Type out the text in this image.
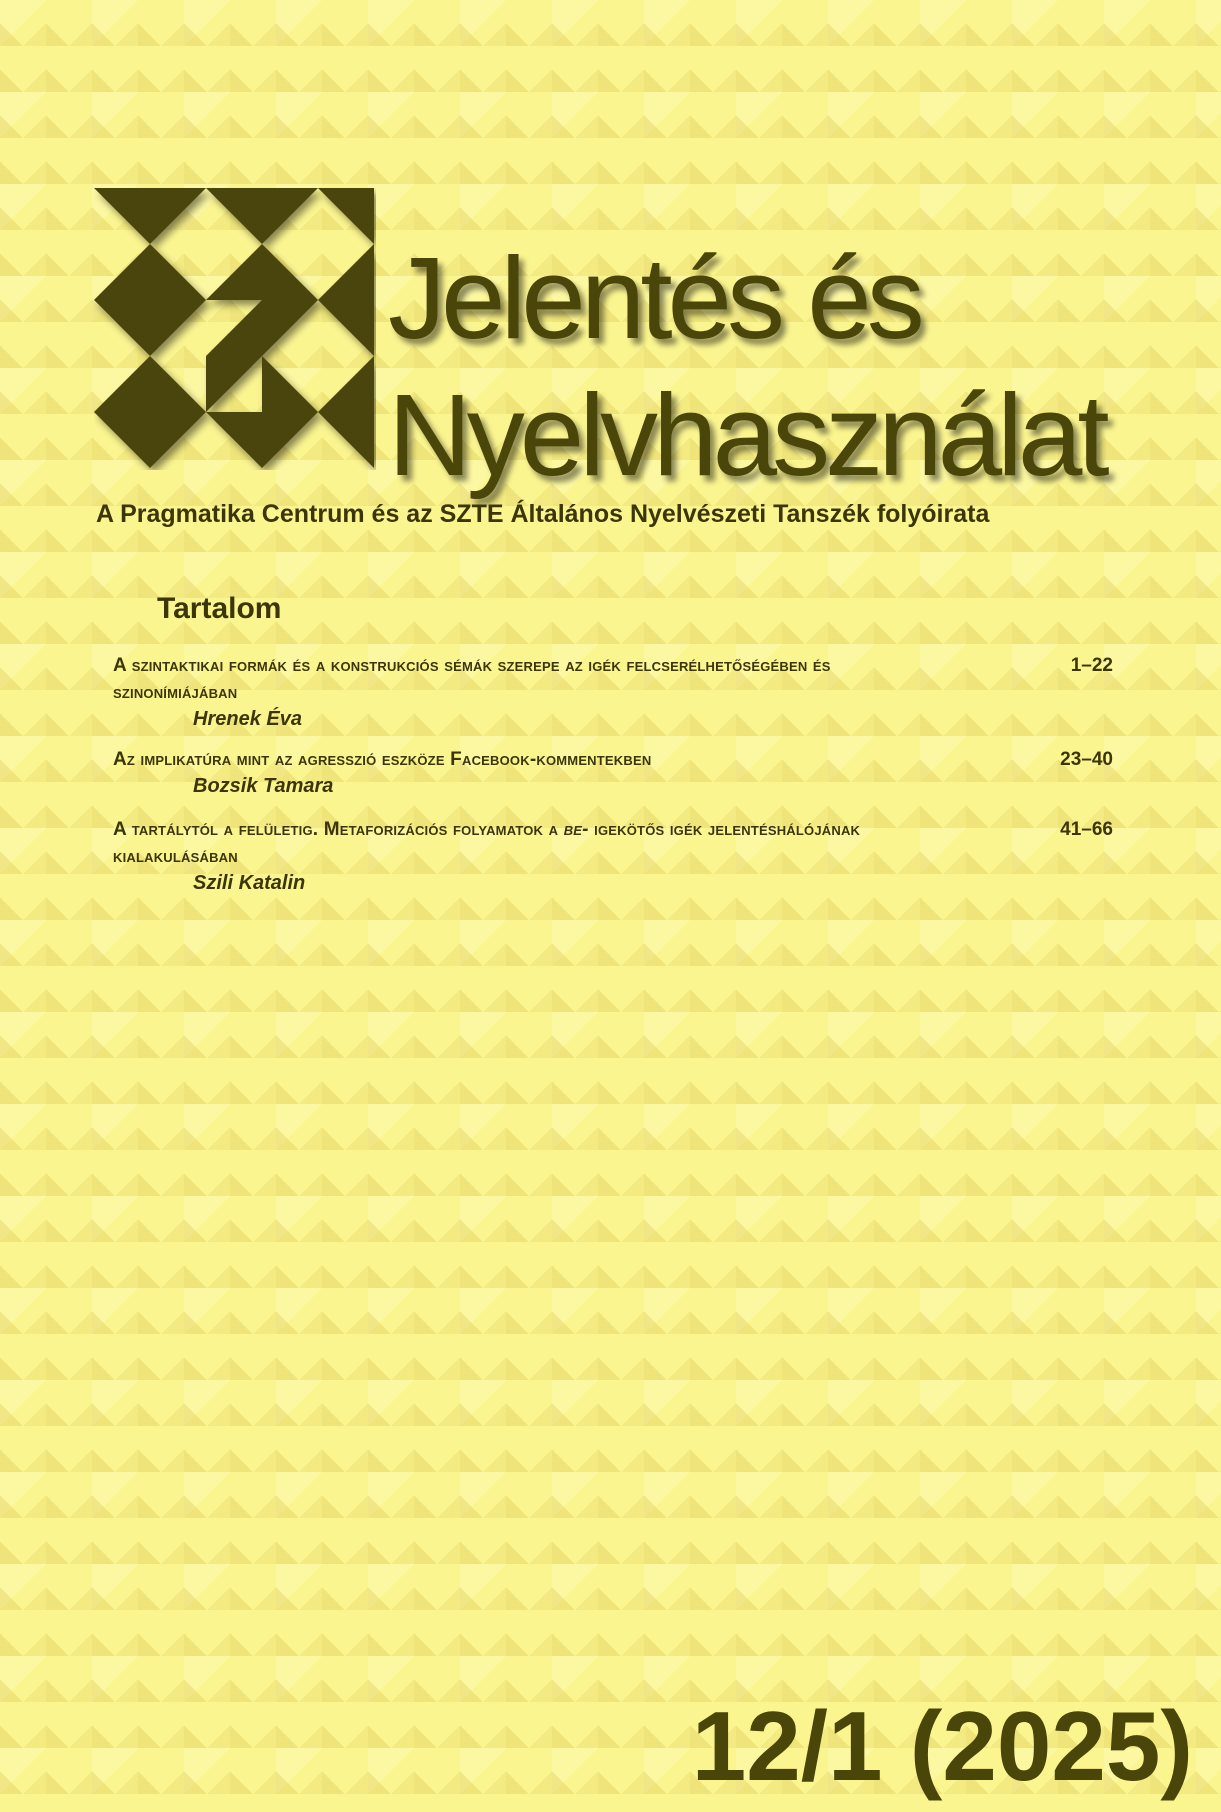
Jelentés és
Nyelvhasználat
A Pragmatika Centrum és az SZTE Általános Nyelvészeti Tanszék folyóirata
Tartalom
A szintaktikai formák és a konstrukciós sémák szerepe az igék felcserélhetőségében és szinonímiájában
Hrenek Éva
1–22
Az implikatúra mint az agresszió eszköze Facebook-kommentekben
Bozsik Tamara
23–40
A tartálytól a felületig. Metaforizációs folyamatok a be- igekötős igék jelentéshálójának kialakulásában
Szili Katalin
41–66
12/1 (2025)
